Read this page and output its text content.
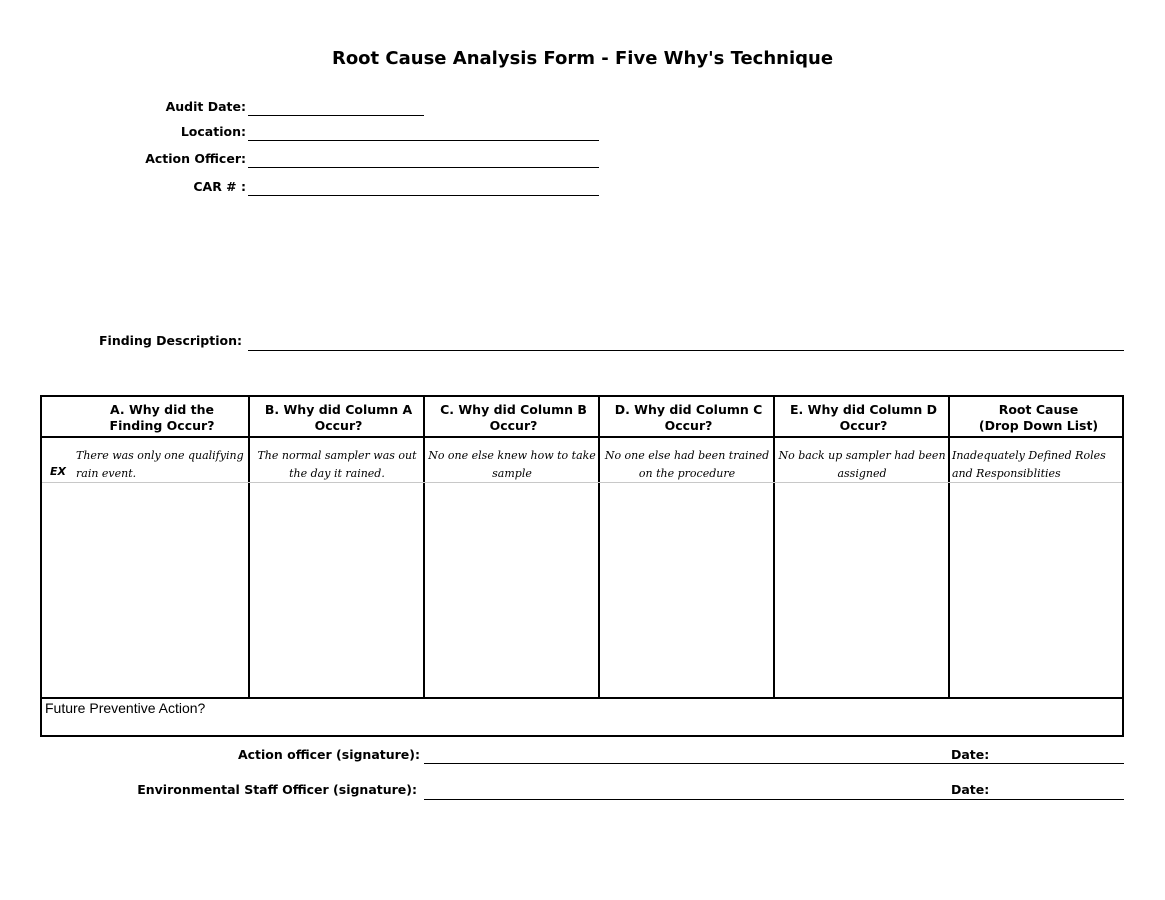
Root Cause Analysis Form - Five Why's Technique
Audit Date:
Location:
Action Officer:
CAR # :
Finding Description:
A. Why did the
Finding Occur?
B. Why did Column A
Occur?
C. Why did Column B
Occur?
D. Why did Column C
Occur?
E. Why did Column D
Occur?
Root Cause
(Drop Down List)
EX
There was only one qualifying
rain event.
The normal sampler was out
the day it rained.
No one else knew how to take
sample
No one else had been trained
on the procedure
No back up sampler had been
assigned
Inadequately Defined Roles
and Responsiblities
Future Preventive Action?
Action officer (signature):	Date:
Environmental Staff Officer (signature):	Date:
